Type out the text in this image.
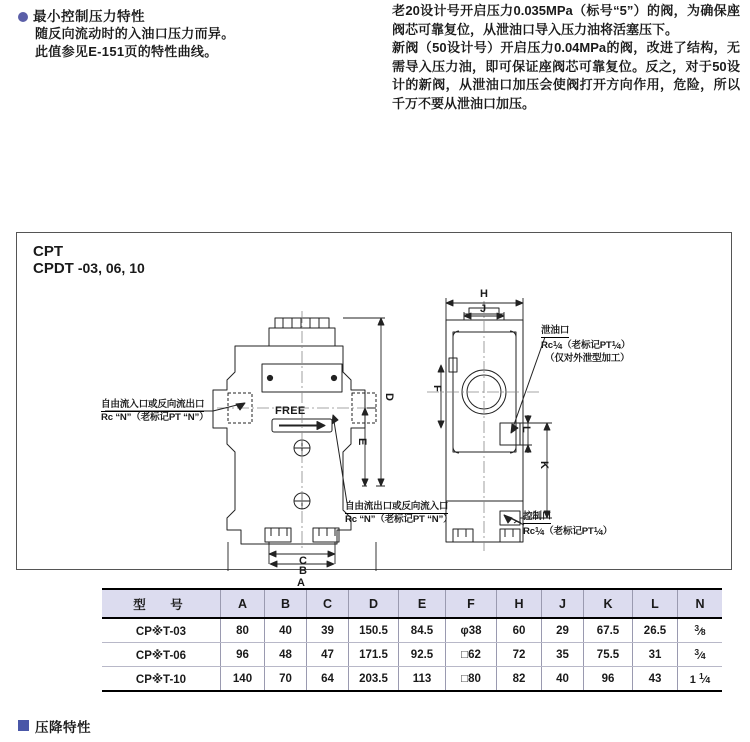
最小控制压力特性
随反向流动时的入油口压力而异。
此值参见E-151页的特性曲线。

老20设计号开启压力0.035MPa（标号“5”）的阀，为确保座阀芯可靠复位，从泄油口导入压力油将活塞压下。

新阀（50设计号）开启压力0.04MPa的阀，改进了结构，无需导入压力油，即可保证座阀芯可靠复位。反之，对于50设计的新阀，从泄油口加压会使阀打开方向作用，危险，所以千万不要从泄油口加压。

CPT
CPDT -03, 06, 10
C
B
A
D
E
F
H
J
K
L
FREE
自由流入口或反向流出口
Rc “N”（老标记PT “N”）
自由流出口或反向流入口
Rc “N”（老标记PT “N”）
泄油口
Rc$^1$⁄4（老标记$PT^1⁄4$）
（仅对外泄型加工）
控制口
Rc$^1$⁄4（老标记$PT^1⁄4$）
型　号	A	B	C	D	E	F	H	J	K	L	N
CP※T-03	80	40	39	150.5	84.5	φ38	60	29	67.5	26.5	$^3$⁄8
CP※T-06	96	48	47	171.5	92.5	□62	72	35	75.5	31	$^3$⁄4
CP※T-10	140	70	64	203.5	113	□80	82	40	96	43	1 $^1$⁄4
压降特性
